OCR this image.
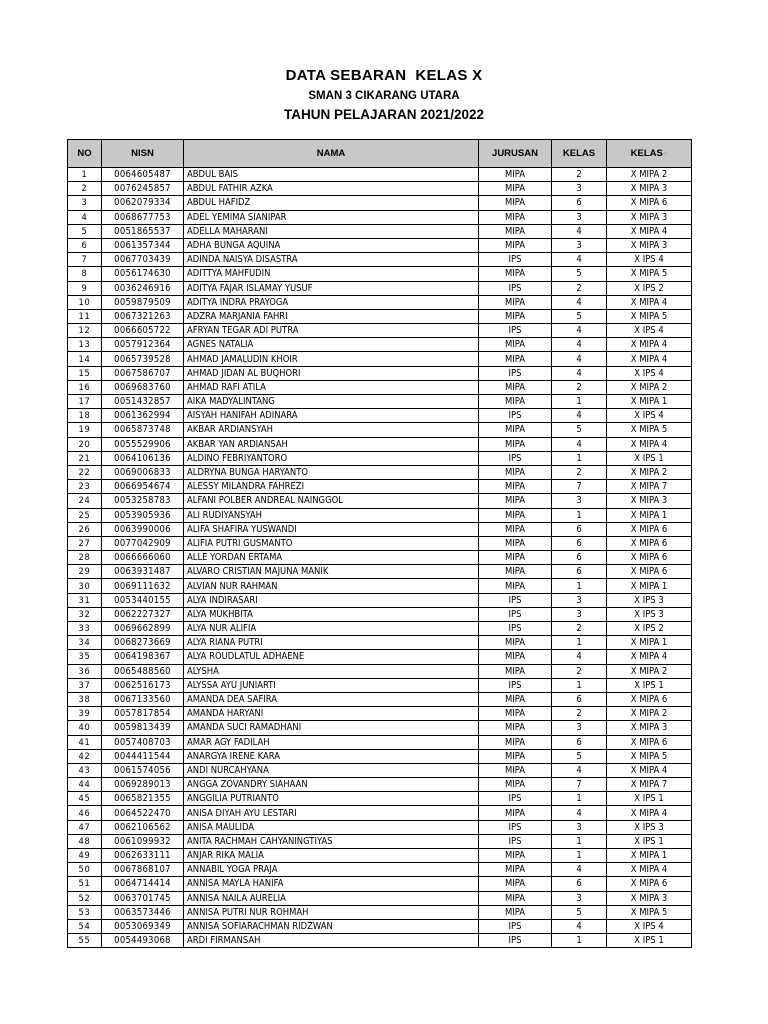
DATA SEBARAN  KELAS X
SMAN 3 CIKARANG UTARA
TAHUN PELAJARAN 2021/2022
NO	NISN	NAMA	JURUSAN	KELAS	KELAS▾
1	0064605487	ABDUL BAIS	MIPA	2	X MIPA 2
2	0076245857	ABDUL FATHIR AZKA	MIPA	3	X MIPA 3
3	0062079334	ABDUL HAFIDZ	MIPA	6	X MIPA 6
4	0068677753	ADEL YEMIMA SIANIPAR	MIPA	3	X MIPA 3
5	0051865537	ADELLA MAHARANI	MIPA	4	X MIPA 4
6	0061357344	ADHA BUNGA AQUINA	MIPA	3	X MIPA 3
7	0067703439	ADINDA NAISYA DISASTRA	IPS	4	X IPS 4
8	0056174630	ADITTYA MAHFUDIN	MIPA	5	X MIPA 5
9	0036246916	ADITYA FAJAR ISLAMAY YUSUF	IPS	2	X IPS 2
10	0059879509	ADITYA INDRA PRAYOGA	MIPA	4	X MIPA 4
11	0067321263	ADZRA MARJANIA FAHRI	MIPA	5	X MIPA 5
12	0066605722	AFRYAN TEGAR ADI PUTRA	IPS	4	X IPS 4
13	0057912364	AGNES NATALIA	MIPA	4	X MIPA 4
14	0065739528	AHMAD JAMALUDIN KHOIR	MIPA	4	X MIPA 4
15	0067586707	AHMAD JIDAN AL BUQHORI	IPS	4	X IPS 4
16	0069683760	AHMAD RAFI ATILA	MIPA	2	X MIPA 2
17	0051432857	AIKA MADYALINTANG	MIPA	1	X MIPA 1
18	0061362994	AISYAH HANIFAH ADINARA	IPS	4	X IPS 4
19	0065873748	AKBAR ARDIANSYAH	MIPA	5	X MIPA 5
20	0055529906	AKBAR YAN ARDIANSAH	MIPA	4	X MIPA 4
21	0064106136	ALDINO FEBRIYANTORO	IPS	1	X IPS 1
22	0069006833	ALDRYNA BUNGA HARYANTO	MIPA	2	X MIPA 2
23	0066954674	ALESSY MILANDRA FAHREZI	MIPA	7	X MIPA 7
24	0053258783	ALFANI POLBER ANDREAL NAINGGOL	MIPA	3	X MIPA 3
25	0053905936	ALI RUDIYANSYAH	MIPA	1	X MIPA 1
26	0063990006	ALIFA SHAFIRA YUSWANDI	MIPA	6	X MIPA 6
27	0077042909	ALIFIA PUTRI GUSMANTO	MIPA	6	X MIPA 6
28	0066666060	ALLE YORDAN ERTAMA	MIPA	6	X MIPA 6
29	0063931487	ALVARO CRISTIAN MAJUNA MANIK	MIPA	6	X MIPA 6
30	0069111632	ALVIAN NUR RAHMAN	MIPA	1	X MIPA 1
31	0053440155	ALYA INDIRASARI	IPS	3	X IPS 3
32	0062227327	ALYA MUKHBITA	IPS	3	X IPS 3
33	0069662899	ALYA NUR ALIFIA	IPS	2	X IPS 2
34	0068273669	ALYA RIANA PUTRI	MIPA	1	X MIPA 1
35	0064198367	ALYA ROUDLATUL ADHAENE	MIPA	4	X MIPA 4
36	0065488560	ALYSHA	MIPA	2	X MIPA 2
37	0062516173	ALYSSA AYU JUNIARTI	IPS	1	X IPS 1
38	0067133560	AMANDA DEA SAFIRA	MIPA	6	X MIPA 6
39	0057817854	AMANDA HARYANI	MIPA	2	X MIPA 2
40	0059813439	AMANDA SUCI RAMADHANI	MIPA	3	X MIPA 3
41	0057408703	AMAR AGY FADILAH	MIPA	6	X MIPA 6
42	0044411544	ANARGYA IRENE KARA	MIPA	5	X MIPA 5
43	0061574056	ANDI NURCAHYANA	MIPA	4	X MIPA 4
44	0069289013	ANGGA ZOVANDRY SIAHAAN	MIPA	7	X MIPA 7
45	0065821355	ANGGILIA PUTRIANTO	IPS	1	X IPS 1
46	0064522470	ANISA DIYAH AYU LESTARI	MIPA	4	X MIPA 4
47	0062106562	ANISA MAULIDA	IPS	3	X IPS 3
48	0061099932	ANITA RACHMAH CAHYANINGTIYAS	IPS	1	X IPS 1
49	0062633111	ANJAR RIKA MALIA	MIPA	1	X MIPA 1
50	0067868107	ANNABIL YOGA PRAJA	MIPA	4	X MIPA 4
51	0064714414	ANNISA MAYLA HANIFA	MIPA	6	X MIPA 6
52	0063701745	ANNISA NAILA AURELIA	MIPA	3	X MIPA 3
53	0063573446	ANNISA PUTRI NUR ROHMAH	MIPA	5	X MIPA 5
54	0053069349	ANNISA SOFIARACHMAN RIDZWAN	IPS	4	X IPS 4
55	0054493068	ARDI FIRMANSAH	IPS	1	X IPS 1
